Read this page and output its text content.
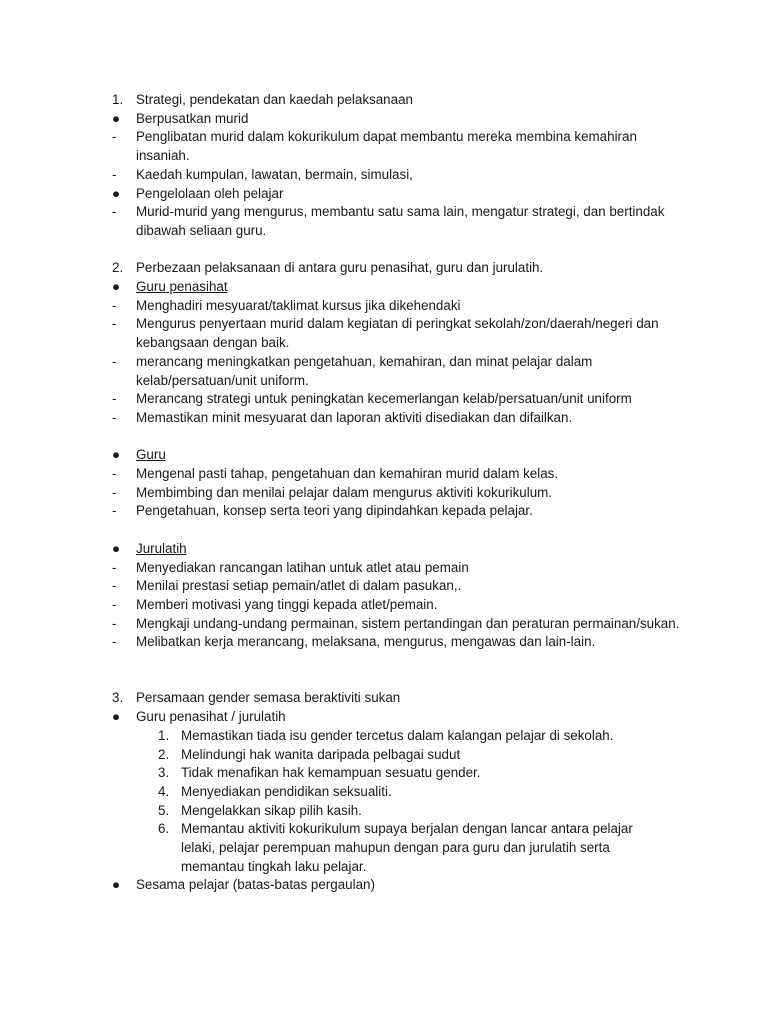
1. Strategi, pendekatan dan kaedah pelaksanaan
●	Berpusatkan murid
-	Penglibatan murid dalam kokurikulum dapat membantu mereka membina kemahiran insaniah.
-	Kaedah kumpulan, lawatan, bermain, simulasi,
●	Pengelolaan oleh pelajar
-	Murid-murid yang mengurus, membantu satu sama lain, mengatur strategi, dan bertindak dibawah seliaan guru.
2. Perbezaan pelaksanaan di antara guru penasihat, guru dan jurulatih.
●	Guru penasihat
-	Menghadiri mesyuarat/taklimat kursus jika dikehendaki
-	Mengurus penyertaan murid dalam kegiatan di peringkat sekolah/zon/daerah/negeri dan kebangsaan dengan baik.
-	merancang meningkatkan pengetahuan, kemahiran, dan minat pelajar dalam kelab/persatuan/unit uniform.
-	Merancang strategi untuk peningkatan kecemerlangan kelab/persatuan/unit uniform
-	Memastikan minit mesyuarat dan laporan aktiviti disediakan dan difailkan.
●	Guru
-	Mengenal pasti tahap, pengetahuan dan kemahiran murid dalam kelas.
-	Membimbing dan menilai pelajar dalam mengurus aktiviti kokurikulum.
-	Pengetahuan, konsep serta teori yang dipindahkan kepada pelajar.
●	Jurulatih
-	Menyediakan rancangan latihan untuk atlet atau pemain
-	Menilai prestasi setiap pemain/atlet di dalam pasukan,.
-	Memberi motivasi yang tinggi kepada atlet/pemain.
-	Mengkaji undang-undang permainan, sistem pertandingan dan peraturan permainan/sukan.
-	Melibatkan kerja merancang, melaksana, mengurus, mengawas dan lain-lain.
3. Persamaan gender semasa beraktiviti sukan
●	Guru penasihat / jurulatih
1. Memastikan tiada isu gender tercetus dalam kalangan pelajar di sekolah.
2. Melindungi hak wanita daripada pelbagai sudut
3. Tidak menafikan hak kemampuan sesuatu gender.
4. Menyediakan pendidikan seksualiti.
5. Mengelakkan sikap pilih kasih.
6. Memantau aktiviti kokurikulum supaya berjalan dengan lancar antara pelajar lelaki, pelajar perempuan mahupun dengan para guru dan jurulatih serta memantau tingkah laku pelajar.
●	Sesama pelajar (batas-batas pergaulan)
